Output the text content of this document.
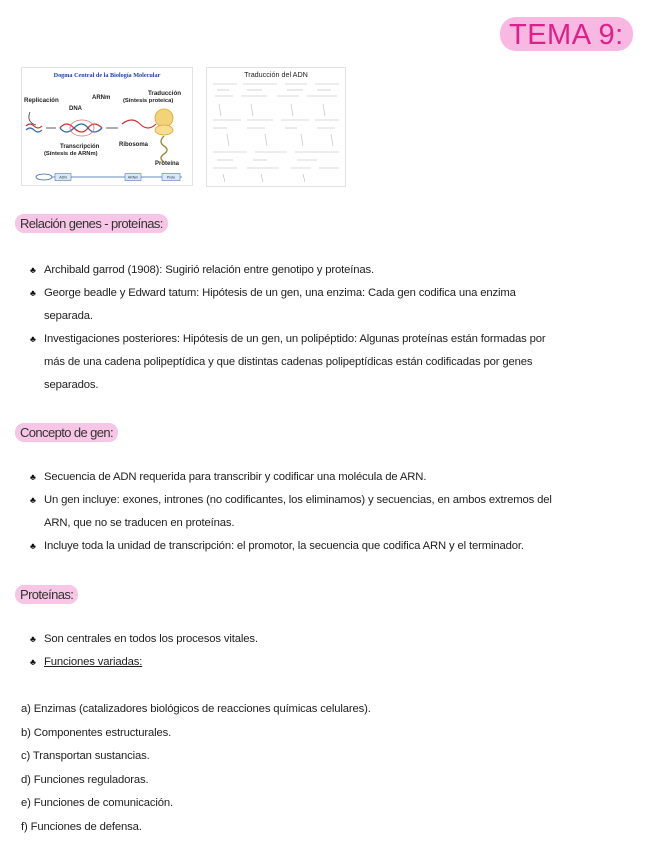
TEMA 9:
Dogma Central de la Biología Molecular
Replicación
DNA
ARNm
Traducción
(Síntesis proteica)
Transcripción
(Síntesis de ARNm)
Ribosoma
Proteína
ADN	ARNm	Prote
Traducción del ADN
Relación genes - proteínas:
♣ Archibald garrod (1908): Sugirió relación entre genotipo y proteínas.
♣ George beadle y Edward tatum: Hipótesis de un gen, una enzima: Cada gen codifica una enzima
separada.
♣ Investigaciones posteriores: Hipótesis de un gen, un polipéptido: Algunas proteínas están formadas por
más de una cadena polipeptídica y que distintas cadenas polipeptídicas están codificadas por genes
separados.
Concepto de gen:
♣ Secuencia de ADN requerida para transcribir y codificar una molécula de ARN.
♣ Un gen incluye: exones, intrones (no codificantes, los eliminamos) y secuencias, en ambos extremos del
ARN, que no se traducen en proteínas.
♣ Incluye toda la unidad de transcripción: el promotor, la secuencia que codifica ARN y el terminador.
Proteínas:
♣ Son centrales en todos los procesos vitales.
♣ Funciones variadas:
a) Enzimas (catalizadores biológicos de reacciones químicas celulares).
b) Componentes estructurales.
c) Transportan sustancias.
d) Funciones reguladoras.
e) Funciones de comunicación.
f) Funciones de defensa.
